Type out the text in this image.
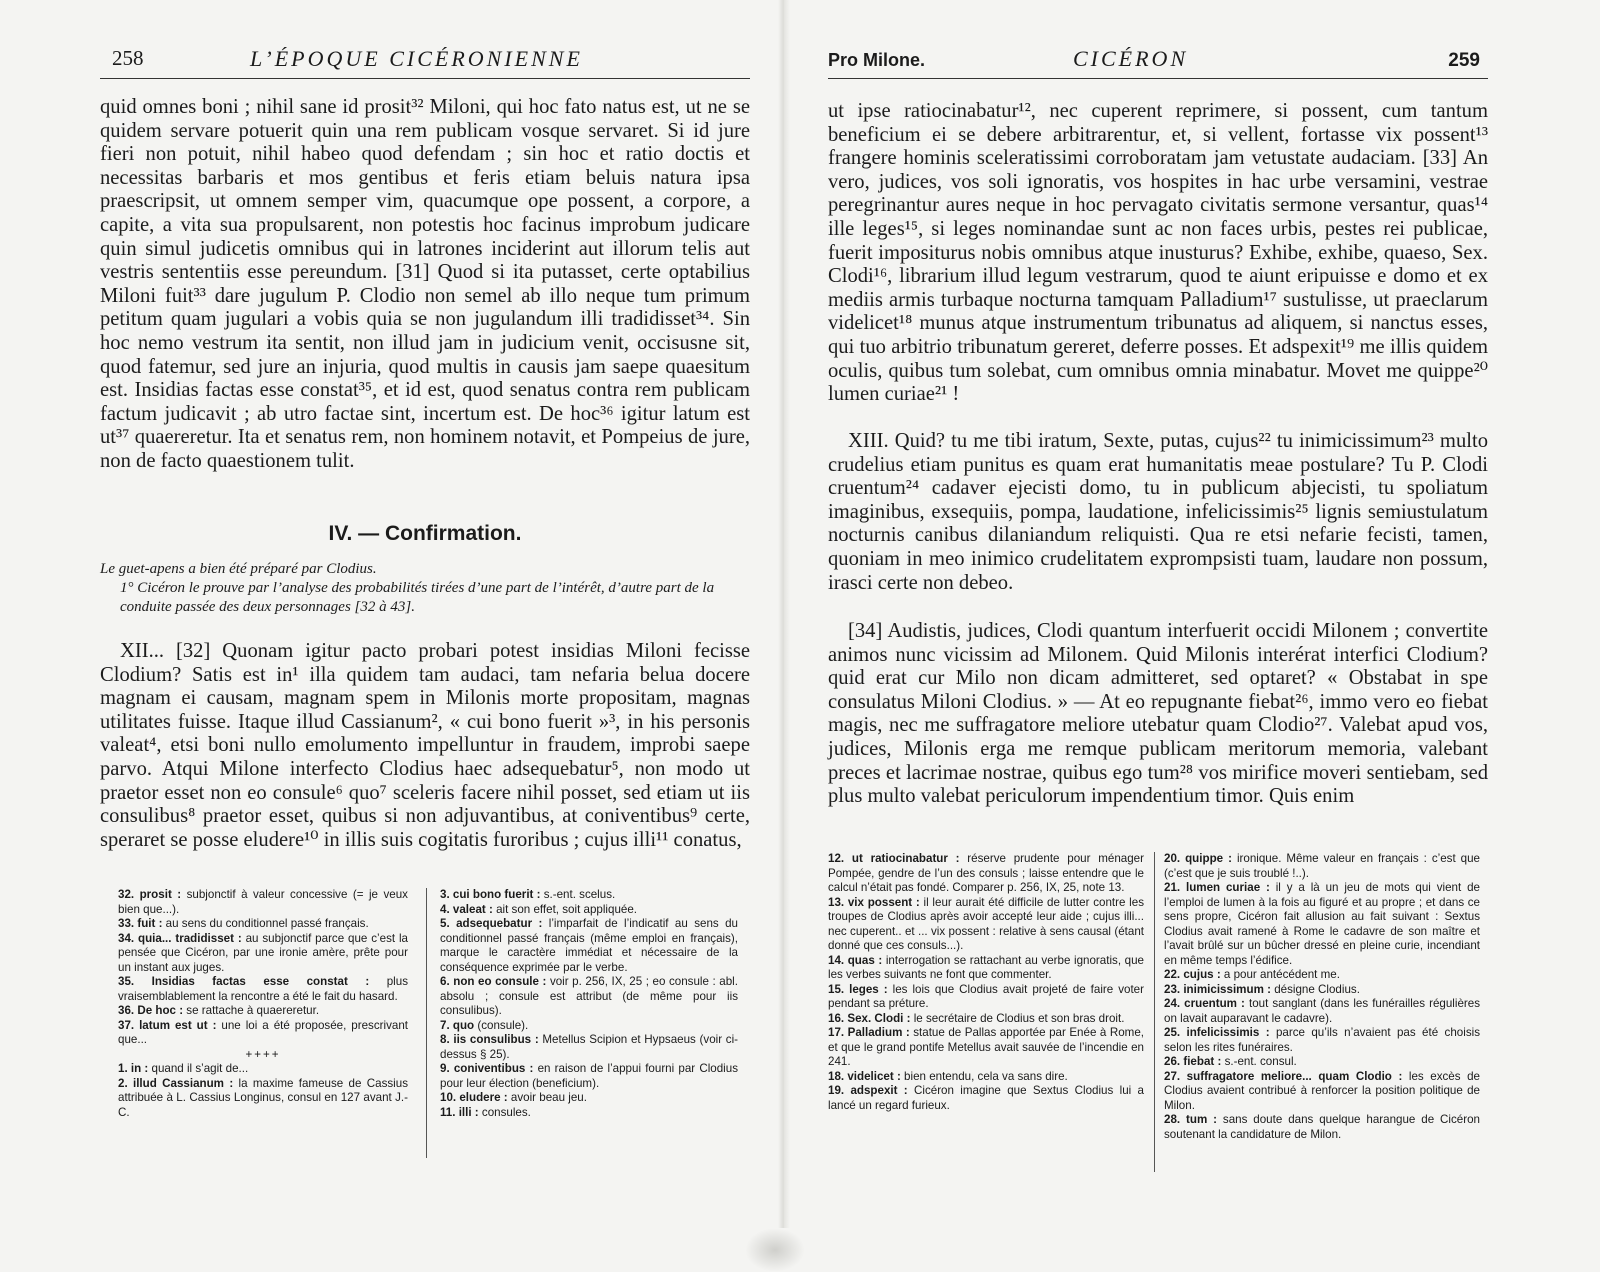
258	L’ÉPOQUE CICÉRONIENNE

quid omnes boni ; nihil sane id prosit³² Miloni, qui hoc fato natus est, ut ne se quidem servare potuerit quin una rem publicam vosque servaret. Si id jure fieri non potuit, nihil habeo quod defendam ; sin hoc et ratio doctis et necessitas barbaris et mos gentibus et feris etiam beluis natura ipsa praescripsit, ut omnem semper vim, quacumque ope possent, a corpore, a capite, a vita sua propulsarent, non potestis hoc facinus improbum judicare quin simul judicetis omnibus qui in latrones inciderint aut illorum telis aut vestris sententiis esse pereundum. [31] Quod si ita putasset, certe optabilius Miloni fuit³³ dare jugulum P. Clodio non semel ab illo neque tum primum petitum quam jugulari a vobis quia se non jugulandum illi tradidisset³⁴. Sin hoc nemo vestrum ita sentit, non illud jam in judicium venit, occisusne sit, quod fatemur, sed jure an injuria, quod multis in causis jam saepe quaesitum est. Insidias factas esse constat³⁵, et id est, quod senatus contra rem publicam factum judicavit ; ab utro factae sint, incertum est. De hoc³⁶ igitur latum est ut³⁷ quaereretur. Ita et senatus rem, non hominem notavit, et Pompeius de jure, non de facto quaestionem tulit.

IV. — Confirmation.

Le guet-apens a bien été préparé par Clodius.

1° Cicéron le prouve par l’analyse des probabilités tirées d’une part de l’intérêt, d’autre part de la conduite passée des deux personnages [32 à 43].

XII... [32] Quonam igitur pacto probari potest insidias Miloni fecisse Clodium? Satis est in¹ illa quidem tam audaci, tam nefaria belua docere magnam ei causam, magnam spem in Milonis morte propositam, magnas utilitates fuisse. Itaque illud Cassianum², « cui bono fuerit »³, in his personis valeat⁴, etsi boni nullo emolumento impelluntur in fraudem, improbi saepe parvo. Atqui Milone interfecto Clodius haec adsequebatur⁵, non modo ut praetor esset non eo consule⁶ quo⁷ sceleris facere nihil posset, sed etiam ut iis consulibus⁸ praetor esset, quibus si non adjuvantibus, at coniventibus⁹ certe, speraret se posse eludere¹⁰ in illis suis cogitatis furoribus ; cujus illi¹¹ conatus,

32. prosit : subjonctif à valeur concessive (= je veux bien que...).

33. fuit : au sens du conditionnel passé français.

34. quia... tradidisset : au subjonctif parce que c’est la pensée que Cicéron, par une ironie amère, prête pour un instant aux juges.

35. Insidias factas esse constat : plus vraisemblablement la rencontre a été le fait du hasard.

36. De hoc : se rattache à quaereretur.

37. latum est ut : une loi a été proposée, prescrivant que...

++++

1. in : quand il s’agit de...

2. illud Cassianum : la maxime fameuse de Cassius attribuée à L. Cassius Longinus, consul en 127 avant J.-C.

3. cui bono fuerit : s.-ent. scelus.

4. valeat : ait son effet, soit appliquée.

5. adsequebatur : l’imparfait de l’indicatif au sens du conditionnel passé français (même emploi en français), marque le caractère immédiat et nécessaire de la conséquence exprimée par le verbe.

6. non eo consule : voir p. 256, IX, 25 ; eo consule : abl. absolu ; consule est attribut (de même pour iis consulibus).

7. quo (consule).

8. iis consulibus : Metellus Scipion et Hypsaeus (voir ci-dessus § 25).

9. coniventibus : en raison de l’appui fourni par Clodius pour leur élection (beneficium).

10. eludere : avoir beau jeu.

11. illi : consules.

Pro Milone.	CICÉRON	259

ut ipse ratiocinabatur¹², nec cuperent reprimere, si possent, cum tantum beneficium ei se debere arbitrarentur, et, si vellent, fortasse vix possent¹³ frangere hominis sceleratissimi corroboratam jam vetustate audaciam. [33] An vero, judices, vos soli ignoratis, vos hospites in hac urbe versamini, vestrae peregrinantur aures neque in hoc pervagato civitatis sermone versantur, quas¹⁴ ille leges¹⁵, si leges nominandae sunt ac non faces urbis, pestes rei publicae, fuerit impositurus nobis omnibus atque inusturus? Exhibe, exhibe, quaeso, Sex. Clodi¹⁶, librarium illud legum vestrarum, quod te aiunt eripuisse e domo et ex mediis armis turbaque nocturna tamquam Palladium¹⁷ sustulisse, ut praeclarum videlicet¹⁸ munus atque instrumentum tribunatus ad aliquem, si nanctus esses, qui tuo arbitrio tribunatum gereret, deferre posses. Et adspexit¹⁹ me illis quidem oculis, quibus tum solebat, cum omnibus omnia minabatur. Movet me quippe²⁰ lumen curiae²¹ !

XIII. Quid? tu me tibi iratum, Sexte, putas, cujus²² tu inimicissimum²³ multo crudelius etiam punitus es quam erat humanitatis meae postulare? Tu P. Clodi cruentum²⁴ cadaver ejecisti domo, tu in publicum abjecisti, tu spoliatum imaginibus, exsequiis, pompa, laudatione, infelicissimis²⁵ lignis semiustulatum nocturnis canibus dilaniandum reliquisti. Qua re etsi nefarie fecisti, tamen, quoniam in meo inimico crudelitatem exprompsisti tuam, laudare non possum, irasci certe non debeo.

[34] Audistis, judices, Clodi quantum interfuerit occidi Milonem ; convertite animos nunc vicissim ad Milonem. Quid Milonis interérat interfici Clodium? quid erat cur Milo non dicam admitteret, sed optaret? « Obstabat in spe consulatus Miloni Clodius. » — At eo repugnante fiebat²⁶, immo vero eo fiebat magis, nec me suffragatore meliore utebatur quam Clodio²⁷. Valebat apud vos, judices, Milonis erga me remque publicam meritorum memoria, valebant preces et lacrimae nostrae, quibus ego tum²⁸ vos mirifice moveri sentiebam, sed plus multo valebat periculorum impendentium timor. Quis enim

12. ut ratiocinabatur : réserve prudente pour ménager Pompée, gendre de l’un des consuls ; laisse entendre que le calcul n’était pas fondé. Comparer p. 256, IX, 25, note 13.

13. vix possent : il leur aurait été difficile de lutter contre les troupes de Clodius après avoir accepté leur aide ; cujus illi... nec cuperent.. et ... vix possent : relative à sens causal (étant donné que ces consuls...).

14. quas : interrogation se rattachant au verbe ignoratis, que les verbes suivants ne font que commenter.

15. leges : les lois que Clodius avait projeté de faire voter pendant sa préture.

16. Sex. Clodi : le secrétaire de Clodius et son bras droit.

17. Palladium : statue de Pallas apportée par Enée à Rome, et que le grand pontife Metellus avait sauvée de l’incendie en 241.

18. videlicet : bien entendu, cela va sans dire.

19. adspexit : Cicéron imagine que Sextus Clodius lui a lancé un regard furieux.

20. quippe : ironique. Même valeur en français : c’est que (c’est que je suis troublé !..).

21. lumen curiae : il y a là un jeu de mots qui vient de l’emploi de lumen à la fois au figuré et au propre ; et dans ce sens propre, Cicéron fait allusion au fait suivant : Sextus Clodius avait ramené à Rome le cadavre de son maître et l’avait brûlé sur un bûcher dressé en pleine curie, incendiant en même temps l’édifice.

22. cujus : a pour antécédent me.

23. inimicissimum : désigne Clodius.

24. cruentum : tout sanglant (dans les funérailles régulières on lavait auparavant le cadavre).

25. infelicissimis : parce qu’ils n’avaient pas été choisis selon les rites funéraires.

26. fiebat : s.-ent. consul.

27. suffragatore meliore... quam Clodio : les excès de Clodius avaient contribué à renforcer la position politique de Milon.

28. tum : sans doute dans quelque harangue de Cicéron soutenant la candidature de Milon.
